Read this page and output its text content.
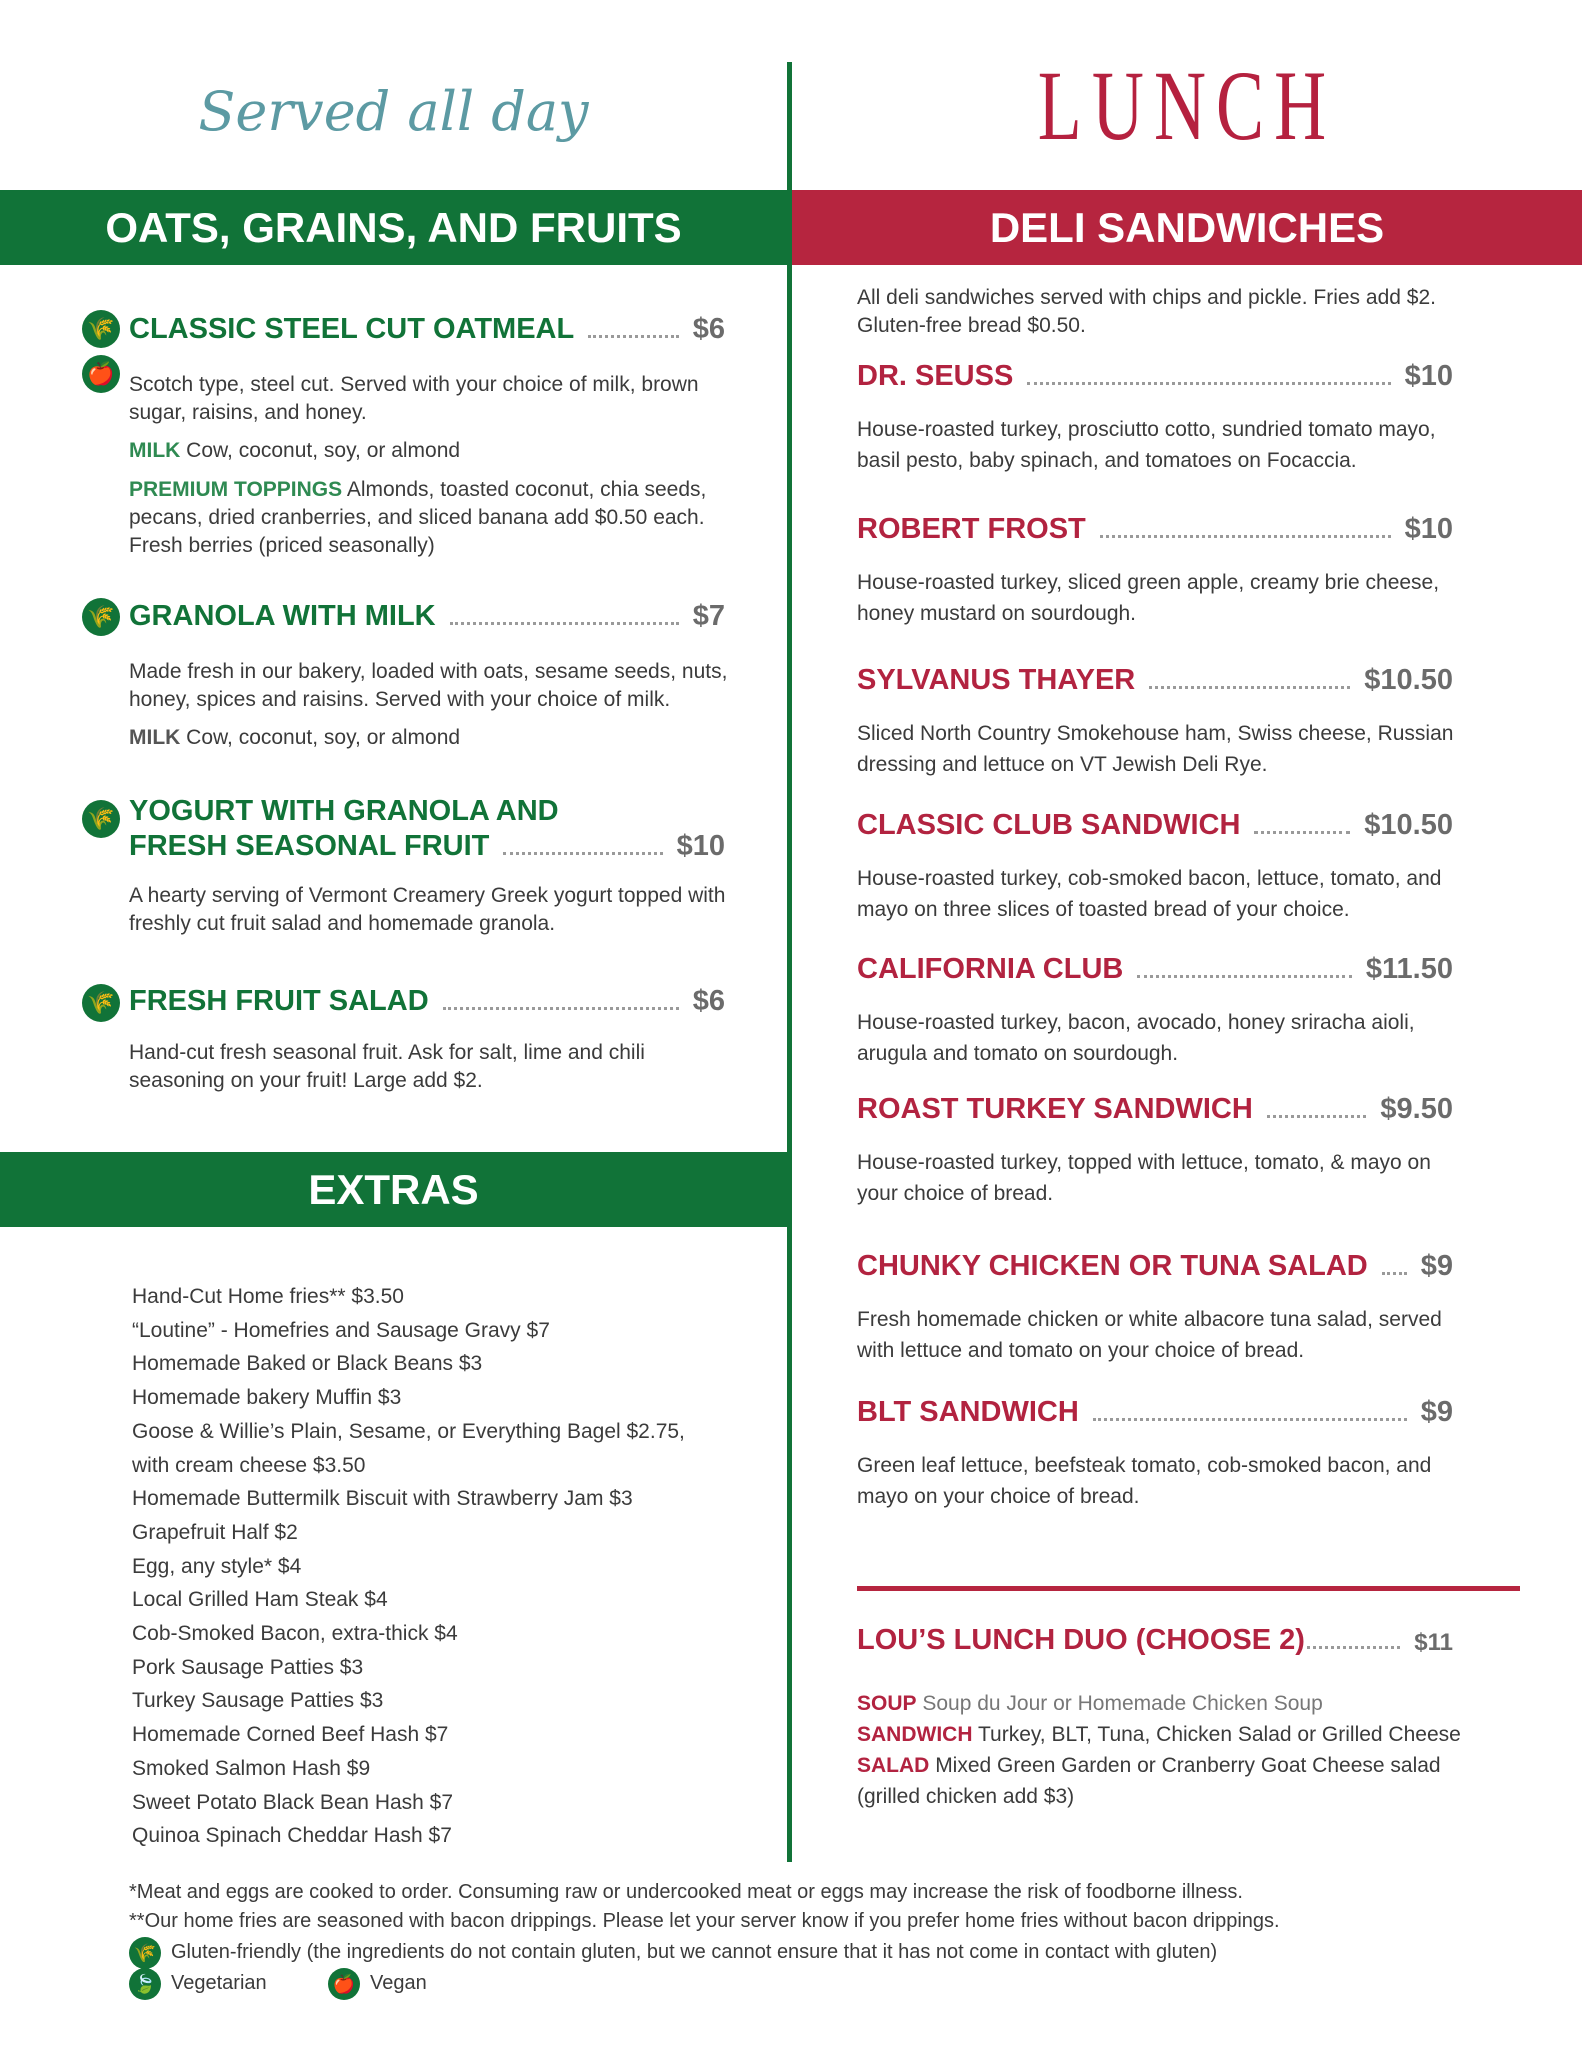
Served all day
OATS, GRAINS, AND FRUITS
🌾
🍎
CLASSIC STEEL CUT OATMEAL	$6
Scotch type, steel cut. Served with your choice of milk, brown sugar, raisins, and honey.
MILK Cow, coconut, soy, or almond
PREMIUM TOPPINGS Almonds, toasted coconut, chia seeds, pecans, dried cranberries, and sliced banana add $0.50 each. Fresh berries (priced seasonally)
🌾 GRANOLA WITH MILK	$7
Made fresh in our bakery, loaded with oats, sesame seeds, nuts, honey, spices and raisins. Served with your choice of milk.
MILK Cow, coconut, soy, or almond
🌾 YOGURT WITH GRANOLA AND
FRESH SEASONAL FRUIT	$10
A hearty serving of Vermont Creamery Greek yogurt topped with freshly cut fruit salad and homemade granola.
🌾 FRESH FRUIT SALAD	$6
Hand-cut fresh seasonal fruit. Ask for salt, lime and chili seasoning on your fruit! Large add $2.
EXTRAS
Hand-Cut Home fries** $3.50
“Loutine” - Homefries and Sausage Gravy $7
Homemade Baked or Black Beans $3
Homemade bakery Muffin $3
Goose & Willie’s Plain, Sesame, or Everything Bagel $2.75,
with cream cheese $3.50
Homemade Buttermilk Biscuit with Strawberry Jam $3
Grapefruit Half $2
Egg, any style* $4
Local Grilled Ham Steak $4
Cob-Smoked Bacon, extra-thick $4
Pork Sausage Patties $3
Turkey Sausage Patties $3
Homemade Corned Beef Hash $7
Smoked Salmon Hash $9
Sweet Potato Black Bean Hash $7
Quinoa Spinach Cheddar Hash $7
LUNCH
DELI SANDWICHES
All deli sandwiches served with chips and pickle. Fries add $2. Gluten-free bread $0.50.
DR. SEUSS	$10
House-roasted turkey, prosciutto cotto, sundried tomato mayo, basil pesto, baby spinach, and tomatoes on Focaccia.
ROBERT FROST	$10
House-roasted turkey, sliced green apple, creamy brie cheese, honey mustard on sourdough.
SYLVANUS THAYER	$10.50
Sliced North Country Smokehouse ham, Swiss cheese, Russian dressing and lettuce on VT Jewish Deli Rye.
CLASSIC CLUB SANDWICH	$10.50
House-roasted turkey, cob-smoked bacon, lettuce, tomato, and mayo on three slices of toasted bread of your choice.
CALIFORNIA CLUB	$11.50
House-roasted turkey, bacon, avocado, honey sriracha aioli, arugula and tomato on sourdough.
ROAST TURKEY SANDWICH	$9.50
House-roasted turkey, topped with lettuce, tomato, & mayo on your choice of bread.
CHUNKY CHICKEN OR TUNA SALAD $9
Fresh homemade chicken or white albacore tuna salad, served with lettuce and tomato on your choice of bread.
BLT SANDWICH	$9
Green leaf lettuce, beefsteak tomato, cob-smoked bacon, and mayo on your choice of bread.
LOU’S LUNCH DUO (CHOOSE 2)	$11
SOUP Soup du Jour or Homemade Chicken Soup
SANDWICH Turkey, BLT, Tuna, Chicken Salad or Grilled Cheese
SALAD Mixed Green Garden or Cranberry Goat Cheese salad (grilled chicken add $3)
*Meat and eggs are cooked to order. Consuming raw or undercooked meat or eggs may increase the risk of foodborne illness.
**Our home fries are seasoned with bacon drippings. Please let your server know if you prefer home fries without bacon drippings.
🌾 Gluten-friendly (the ingredients do not contain gluten, but we cannot ensure that it has not come in contact with gluten)
🍃 Vegetarian	🍎 Vegan
